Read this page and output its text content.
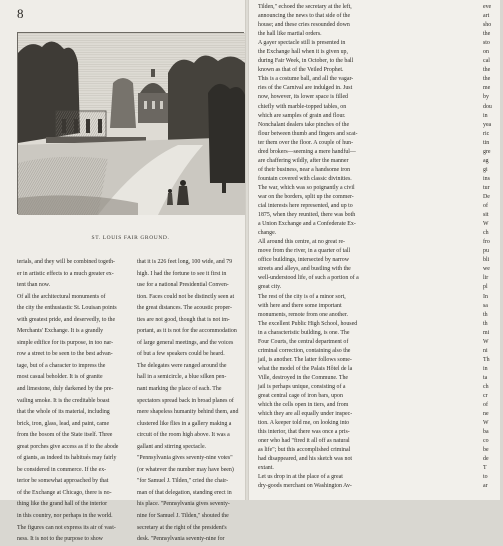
8
ST. LOUIS FAIR GROUND.
terials, and they will be combined togeth-
er in artistic effects to a much greater ex-
tent than now.
Of all the architectural monuments of
the city the enthusiastic St. Louisan points
with greatest pride, and deservedly, to the
Merchants' Exchange. It is a grandly
simple edifice for its purpose, in too nar-
row a street to be seen to the best advan-
tage, but of a character to impress the
most casual beholder. It is of granite
and limestone, duly darkened by the pre-
vailing smoke. It is the creditable boast
that the whole of its material, including
brick, iron, glass, lead, and paint, came
from the bosom of the State itself. Three
great porches give access as if to the abode
of giants, as indeed its habitués may fairly
be considered in commerce. If the ex-
terior be somewhat approached by that
of the Exchange at Chicago, there is no-
thing like the grand hall of the interior
in this country, nor perhaps in the world.
The figures can not express its air of vast-
ness. It is not to the purpose to show
that it is 226 feet long, 100 wide, and 79
high. I had the fortune to see it first in
use for a national Presidential Conven-
tion. Faces could not be distinctly seen at
the great distances. The acoustic proper-
ties are not good, though that is not im-
portant, as it is not for the accommodation
of large general meetings, and the voices
of but a few speakers could be heard.
The delegates were ranged around the
hall in a semicircle, a blue silken pen-
nant marking the place of each. The
spectators spread back in broad planes of
mere shapeless humanity behind them, and
clustered like flies in a gallery making a
circuit of the room high above. It was a
gallant and stirring spectacle.
"Pennsylvania gives seventy-nine votes"
(or whatever the number may have been)
"for Samuel J. Tilden," cried the chair-
man of that delegation, standing erect in
his place. "Pennsylvania gives seventy-
nine for Samuel J. Tilden," shouted the
secretary at the right of the president's
desk. "Pennsylvania seventy-nine for
Tilden," echoed the secretary at the left,
announcing the news to that side of the
house; and these cries resounded down
the hall like martial orders.
A gayer spectacle still is presented in
the Exchange hall when it is given up,
during Fair Week, in October, to the ball
known as that of the Veiled Prophet.
This is a costume ball, and all the vagar-
ries of the Carnival are indulged in. Just
now, however, its lower space is filled
chiefly with marble-topped tables, on
which are samples of grain and flour.
Nonchalant dealers take pinches of the
flour between thumb and fingers and scat-
ter them over the floor. A couple of hun-
dred brokers—seeming a mere handful—
are chaffering wildly, after the manner
of their business, near a handsome iron
fountain covered with classic divinities.
The war, which was so poignantly a civil
war on the borders, split up the commer-
cial interests here represented, and up to
1875, when they reunited, there was both
a Union Exchange and a Confederate Ex-
change.
All around this centre, at no great re-
move from the river, in a quarter of tall
office buildings, intersected by narrow
streets and alleys, and bustling with the
well-understood life, of such a portion of a
great city.
The rest of the city is of a minor sort,
with here and there some important
monuments, remote from one another.
The excellent Public High School, housed
in a characteristic building, is one. The
Four Courts, the central department of
criminal correction, containing also the
jail, is another. The latter follows some-
what the model of the Palais Hôtel de la
Ville, destroyed in the Commune. The
jail is perhaps unique, consisting of a
great central cage of iron bars, upon
which the cells open in tiers, and from
which they are all equally under inspec-
tion. A keeper told me, on looking into
this interior, that there was once a pris-
oner who had "fired it all off as natural
as life"; but this accomplished criminal
had disappeared, and his sketch was not
extant.
Let us drop in at the place of a great
dry-goods merchant on Washington Av-
eve
art
sho
the
sto
on
cal
the
the
me
by
dou
in
yea
ric
tin
gre
ag
gi
ins
tur
De
of
sit
W
ch
fro
pu
bli
we
lir
pl
In
sa
th
th
mi
W
ni
Th
in
ta
ch
cr
of
ne
W
ba
co
be
de
T
to
ar
